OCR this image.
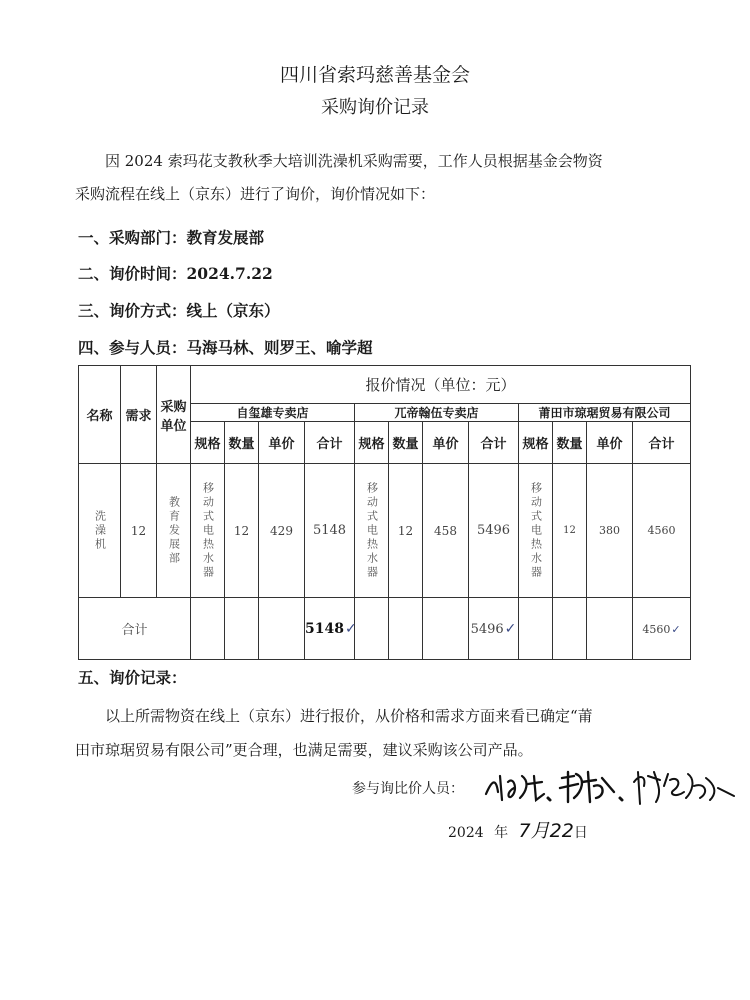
四川省索玛慈善基金会
采购询价记录
因 2024 索玛花支教秋季大培训洗澡机采购需要，工作人员根据基金会物资
采购流程在线上（京东）进行了询价，询价情况如下：
一、采购部门：教育发展部
二、询价时间：2024.7.22
三、询价方式：线上（京东）
四、参与人员：马海马林、则罗王、喻学超
名称	需求	采购单位	报价情况（单位：元）											
			自玺雄专卖店				兀帝翰伍专卖店				莆田市琼琚贸易有限公司			
			规格	数量	单价	合计	规格	数量	单价	合计	规格	数量	单价	合计
洗澡机	12	教育发展部	移动式电热水器	12	429	5148	移动式电热水器	12	458	5496	移动式电热水器	12	380	4560
合计						5148✓				5496✓				4560✓
五、询价记录：
以上所需物资在线上（京东）进行报价，从价格和需求方面来看已确定“莆
田市琼琚贸易有限公司”更合理，也满足需要，建议采购该公司产品。
参与询比价人员：
2024 年 7月22日
